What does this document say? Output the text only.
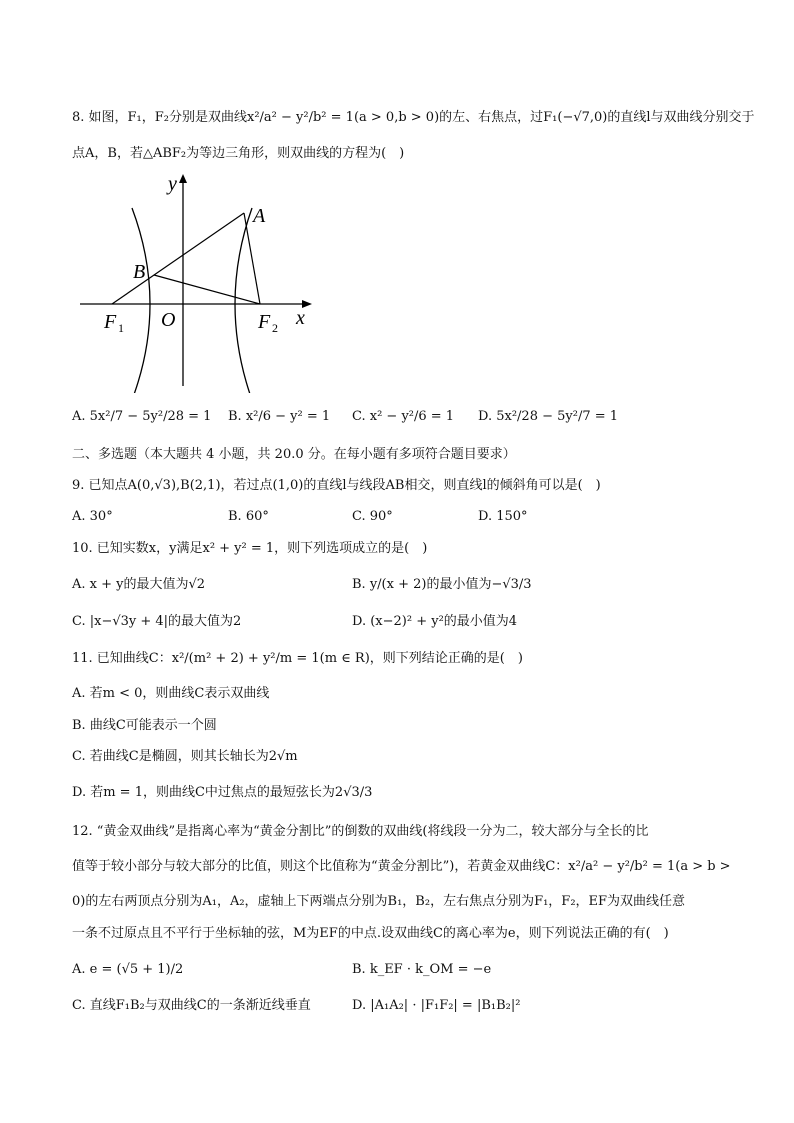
8. 如图，F₁，F₂分别是双曲线x²/a² − y²/b² = 1(a > 0,b > 0)的左、右焦点，过F₁(−√7,0)的直线l与双曲线分别交于
点A，B，若△ABF₂为等边三角形，则双曲线的方程为(　)
y
x
A
B
O
F 1	F 2
A. 5x²/7 − 5y²/28 = 1 B. x²/6 − y² = 1 C. x² − y²/6 = 1 D. 5x²/28 − 5y²/7 = 1
二、多选题（本大题共 4 小题，共 20.0 分。在每小题有多项符合题目要求）
9. 已知点A(0,√3),B(2,1)，若过点(1,0)的直线l与线段AB相交，则直线l的倾斜角可以是(　)
A. 30°	B. 60°	C. 90°	D. 150°
10. 已知实数x，y满足x² + y² = 1，则下列选项成立的是(　)
A. x + y的最大值为√2	B. y/(x + 2)的最小值为−√3/3
C. |x−√3y + 4|的最大值为2	D. (x−2)² + y²的最小值为4
11. 已知曲线C：x²/(m² + 2) + y²/m = 1(m ∈ R)，则下列结论正确的是(　)
A. 若m < 0，则曲线C表示双曲线
B. 曲线C可能表示一个圆
C. 若曲线C是椭圆，则其长轴长为2√m
D. 若m = 1，则曲线C中过焦点的最短弦长为2√3/3
12. “黄金双曲线”是指离心率为“黄金分割比”的倒数的双曲线(将线段一分为二，较大部分与全长的比
值等于较小部分与较大部分的比值，则这个比值称为“黄金分割比”)，若黄金双曲线C：x²/a² − y²/b² = 1(a > b >
0)的左右两顶点分别为A₁，A₂，虚轴上下两端点分别为B₁，B₂，左右焦点分别为F₁，F₂，EF为双曲线任意
一条不过原点且不平行于坐标轴的弦，M为EF的中点.设双曲线C的离心率为e，则下列说法正确的有(　)
A. e = (√5 + 1)/2	B. k_EF · k_OM = −e
C. 直线F₁B₂与双曲线C的一条渐近线垂直	D. |A₁A₂| · |F₁F₂| = |B₁B₂|²
